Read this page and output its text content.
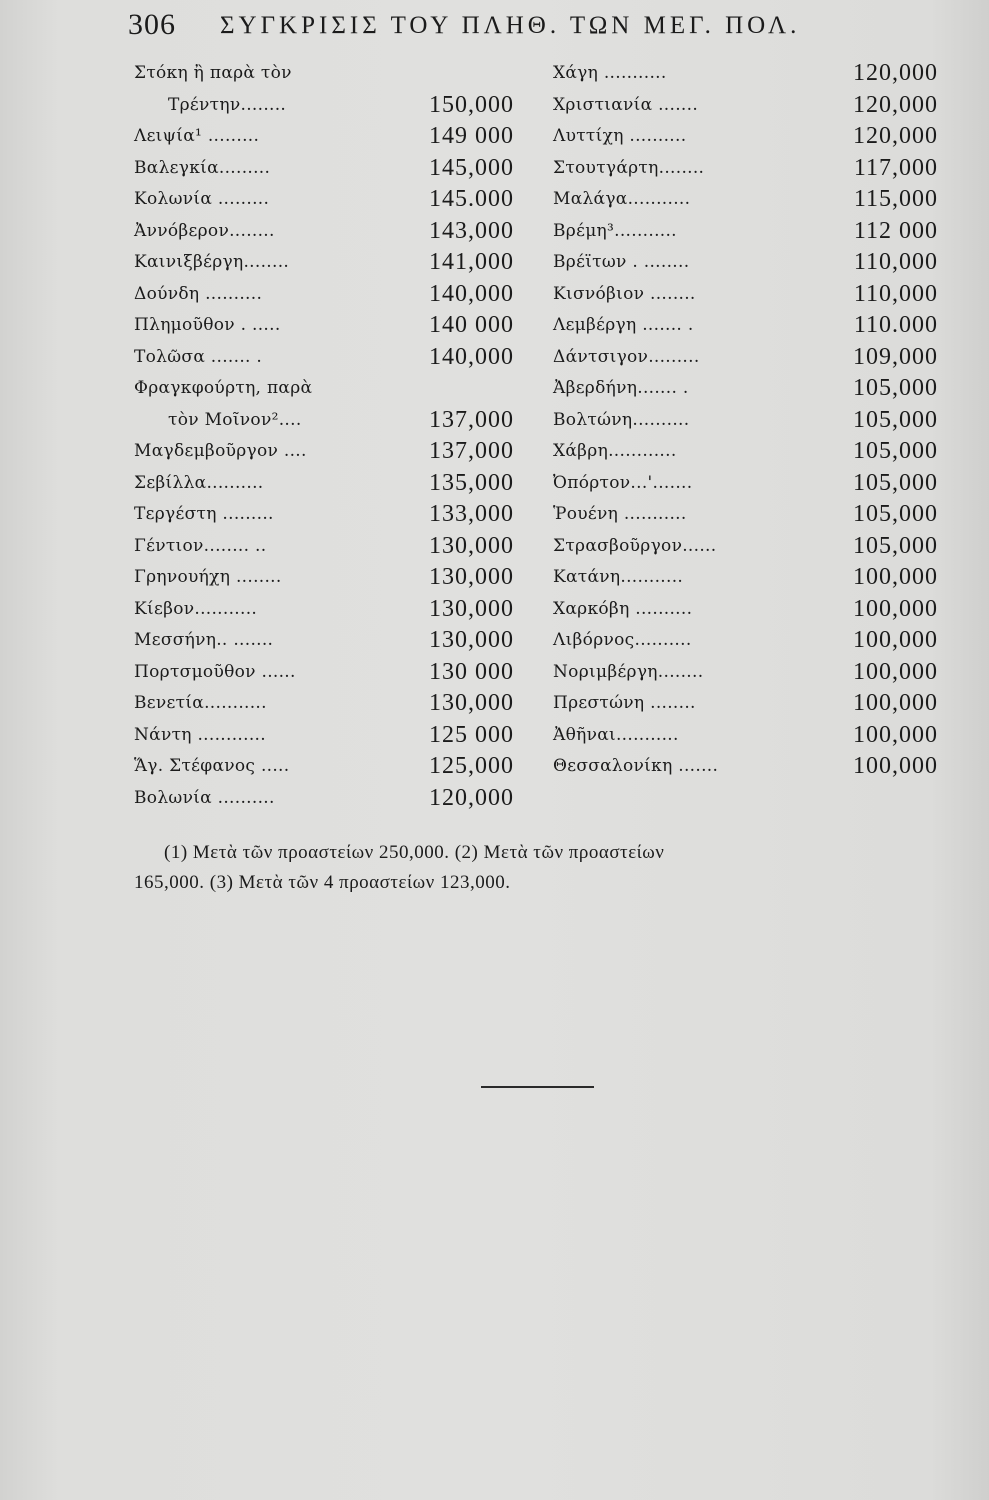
306 ΣΥΓΚΡΙΣΙΣ ΤΟΥ ΠΛΗΘ. ΤΩΝ ΜΕΓ. ΠΟΛ.
Στόκη ἢ παρὰ τὸν
Τρέντην........	150,000
Λειψία¹ .........	149 000
Βαλεγκία.........	145,000
Κολωνία .........	145.000
Ἀννόβερον........	143,000
Καινιξβέργη........	141,000
Δούνδη ..........	140,000
Πλημοῦθον . .....	140 000
Τολῶσα ....... .	140,000
Φραγκφούρτη, παρὰ
τὸν Μοῖνον²....	137,000
Μαγδεμβοῦργον ....	137,000
Σεβίλλα..........	135,000
Τεργέστη .........	133,000
Γέντιον........ ..	130,000
Γρηνουήχη ........	130,000
Κίεβον...........	130,000
Μεσσήνη.. .......	130,000
Πορτσμοῦθον ......	130 000
Βενετία...........	130,000
Νάντη ............	125 000
Ἅγ. Στέφανος .....	125,000
Βολωνία ..........	120,000
Χάγη ...........	120,000
Χριστιανία .......	120,000
Λυττίχη ..........	120,000
Στουτγάρτη........	117,000
Μαλάγα...........	115,000
Βρέμη³...........	112 000
Βρέϊτων . ........	110,000
Κισνόβιον ........	110,000
Λεμβέργη ....... .	110.000
Δάντσιγον.........	109,000
Ἀβερδήνη....... .	105,000
Βολτώνη..........	105,000
Χάβρη............	105,000
Ὀπόρτον...'.......	105,000
Ῥουένη ...........	105,000
Στρασβοῦργον......	105,000
Κατάνη...........	100,000
Χαρκόβη ..........	100,000
Λιβόρνος..........	100,000
Νοριμβέργη........	100,000
Πρεστώνη ........	100,000
Ἀθῆναι...........	100,000
Θεσσαλονίκη .......	100,000
(1) Μετὰ τῶν προαστείων 250,000. (2) Μετὰ τῶν προαστείων
165,000. (3) Μετὰ τῶν 4 προαστείων 123,000.
